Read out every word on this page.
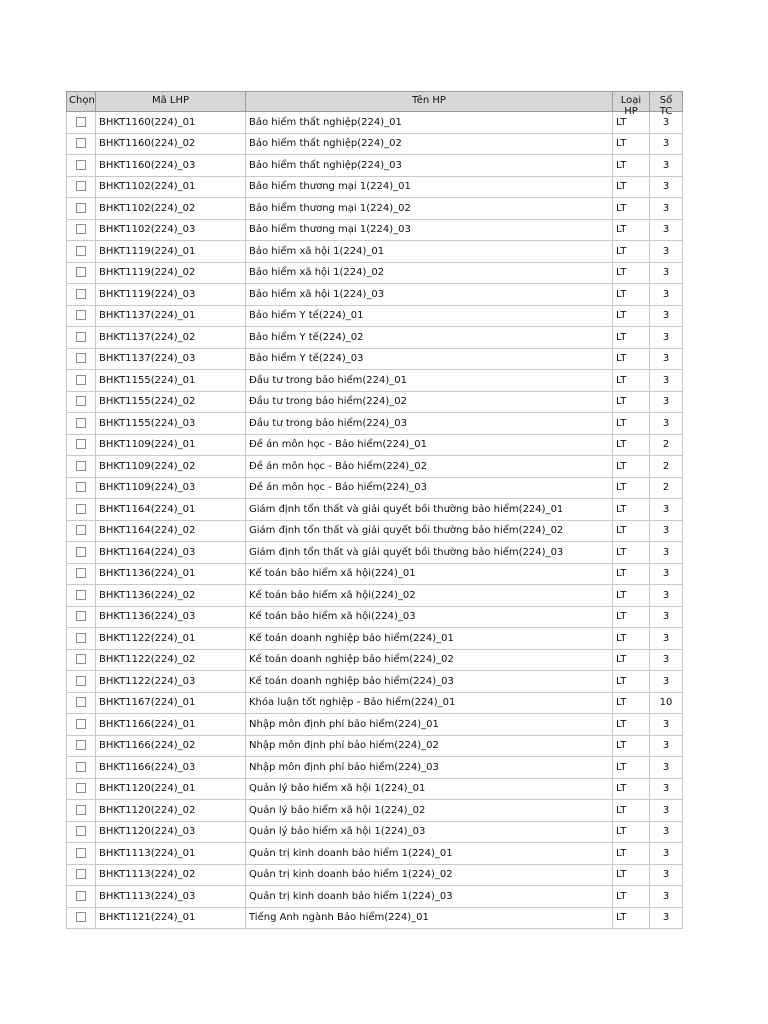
Chọn	Mã LHP	Tên HP	Loại HP	Số TC

	BHKT1160(224)_01	Bảo hiểm thất nghiệp(224)_01	LT	3
	BHKT1160(224)_02	Bảo hiểm thất nghiệp(224)_02	LT	3
	BHKT1160(224)_03	Bảo hiểm thất nghiệp(224)_03	LT	3
	BHKT1102(224)_01	Bảo hiểm thương mại 1(224)_01	LT	3
	BHKT1102(224)_02	Bảo hiểm thương mại 1(224)_02	LT	3
	BHKT1102(224)_03	Bảo hiểm thương mại 1(224)_03	LT	3
	BHKT1119(224)_01	Bảo hiểm xã hội 1(224)_01	LT	3
	BHKT1119(224)_02	Bảo hiểm xã hội 1(224)_02	LT	3
	BHKT1119(224)_03	Bảo hiểm xã hội 1(224)_03	LT	3
	BHKT1137(224)_01	Bảo hiểm Y tế(224)_01	LT	3
	BHKT1137(224)_02	Bảo hiểm Y tế(224)_02	LT	3
	BHKT1137(224)_03	Bảo hiểm Y tế(224)_03	LT	3
	BHKT1155(224)_01	Đầu tư trong bảo hiểm(224)_01	LT	3
	BHKT1155(224)_02	Đầu tư trong bảo hiểm(224)_02	LT	3
	BHKT1155(224)_03	Đầu tư trong bảo hiểm(224)_03	LT	3
	BHKT1109(224)_01	Đề án môn học - Bảo hiểm(224)_01	LT	2
	BHKT1109(224)_02	Đề án môn học - Bảo hiểm(224)_02	LT	2
	BHKT1109(224)_03	Đề án môn học - Bảo hiểm(224)_03	LT	2
	BHKT1164(224)_01	Giám định tổn thất và giải quyết bồi thường bảo hiểm(224)_01	LT	3
	BHKT1164(224)_02	Giám định tổn thất và giải quyết bồi thường bảo hiểm(224)_02	LT	3
	BHKT1164(224)_03	Giám định tổn thất và giải quyết bồi thường bảo hiểm(224)_03	LT	3
	BHKT1136(224)_01	Kế toán bảo hiểm xã hội(224)_01	LT	3
	BHKT1136(224)_02	Kế toán bảo hiểm xã hội(224)_02	LT	3
	BHKT1136(224)_03	Kế toán bảo hiểm xã hội(224)_03	LT	3
	BHKT1122(224)_01	Kế toán doanh nghiệp bảo hiểm(224)_01	LT	3
	BHKT1122(224)_02	Kế toán doanh nghiệp bảo hiểm(224)_02	LT	3
	BHKT1122(224)_03	Kế toán doanh nghiệp bảo hiểm(224)_03	LT	3
	BHKT1167(224)_01	Khóa luận tốt nghiệp - Bảo hiểm(224)_01	LT	10
	BHKT1166(224)_01	Nhập môn định phí bảo hiểm(224)_01	LT	3
	BHKT1166(224)_02	Nhập môn định phí bảo hiểm(224)_02	LT	3
	BHKT1166(224)_03	Nhập môn định phí bảo hiểm(224)_03	LT	3
	BHKT1120(224)_01	Quản lý bảo hiểm xã hội 1(224)_01	LT	3
	BHKT1120(224)_02	Quản lý bảo hiểm xã hội 1(224)_02	LT	3
	BHKT1120(224)_03	Quản lý bảo hiểm xã hội 1(224)_03	LT	3
	BHKT1113(224)_01	Quản trị kinh doanh bảo hiểm 1(224)_01	LT	3
	BHKT1113(224)_02	Quản trị kinh doanh bảo hiểm 1(224)_02	LT	3
	BHKT1113(224)_03	Quản trị kinh doanh bảo hiểm 1(224)_03	LT	3
	BHKT1121(224)_01	Tiếng Anh ngành Bảo hiểm(224)_01	LT	3
